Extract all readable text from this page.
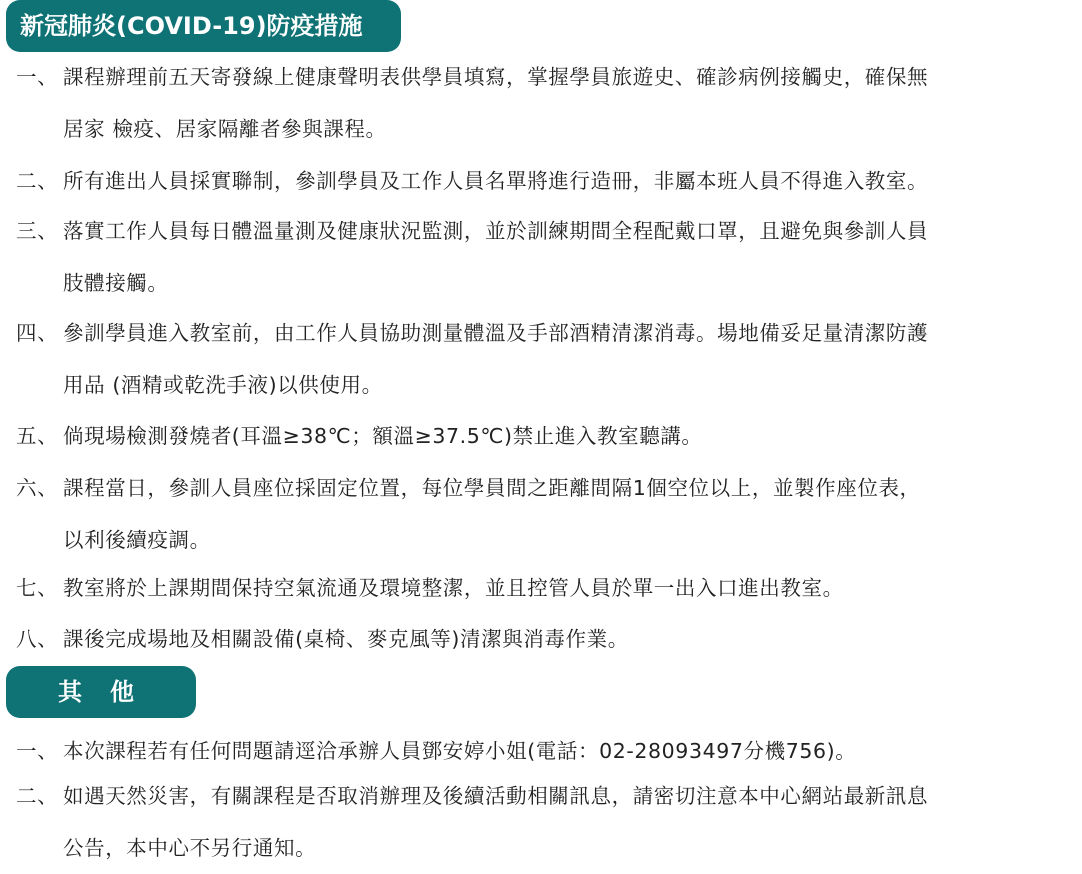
新冠肺炎(COVID-19)防疫措施
一、 課程辦理前五天寄發線上健康聲明表供學員填寫，掌握學員旅遊史、確診病例接觸史，確保無
居家 檢疫、居家隔離者參與課程。
二、 所有進出人員採實聯制，參訓學員及工作人員名單將進行造冊，非屬本班人員不得進入教室。
三、 落實工作人員每日體溫量測及健康狀況監測，並於訓練期間全程配戴口罩，且避免與參訓人員
肢體接觸。
四、 參訓學員進入教室前，由工作人員協助測量體溫及手部酒精清潔消毒。場地備妥足量清潔防護
用品 (酒精或乾洗手液)以供使用。
五、 倘現場檢測發燒者(耳溫≥38℃；額溫≥37.5℃)禁止進入教室聽講。
六、 課程當日，參訓人員座位採固定位置，每位學員間之距離間隔1個空位以上，並製作座位表，
以利後續疫調。
七、 教室將於上課期間保持空氣流通及環境整潔，並且控管人員於單一出入口進出教室。
八、 課後完成場地及相關設備(桌椅、麥克風等)清潔與消毒作業。
其　他
一、 本次課程若有任何問題請逕洽承辦人員鄧安婷小姐(電話：02-28093497分機756)。
二、 如遇天然災害，有關課程是否取消辦理及後續活動相關訊息，請密切注意本中心網站最新訊息
公告，本中心不另行通知。
